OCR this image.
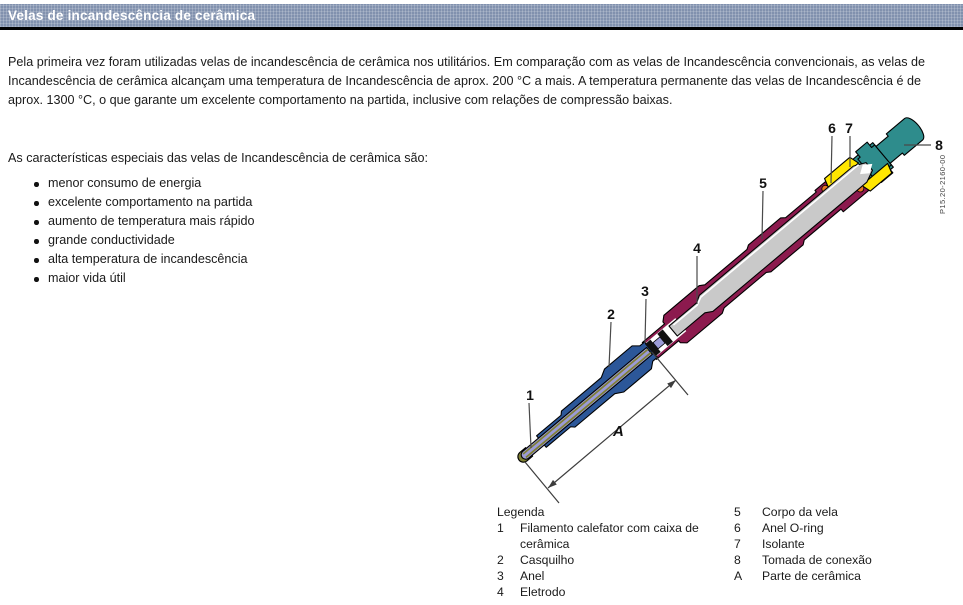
Velas de incandescência de cerâmica
Pela primeira vez foram utilizadas velas de incandescência de cerâmica nos utilitários. Em comparação com as velas de Incandescência convencionais, as velas de Incandescência de cerâmica alcançam uma temperatura de Incandescência de aprox. 200 °C a mais. A temperatura permanente das velas de Incandescência é de aprox. 1300 °C, o que garante um excelente comportamento na partida, inclusive com relações de compressão baixas.
As características especiais das velas de Incandescência de cerâmica são:
menor consumo de energia
excelente comportamento na partida
aumento de temperatura mais rápido
grande conductividade
alta temperatura de incandescência
maior vida útil
A
1
2
3
4
5
6 7
8
P15.20-2160-00
Legenda
1	Filamento calefator com caixa de cerâmica
2	Casquilho
3	Anel
4	Eletrodo
5	Corpo da vela
6	Anel O-ring
7	Isolante
8	Tomada de conexão
A	Parte de cerâmica
